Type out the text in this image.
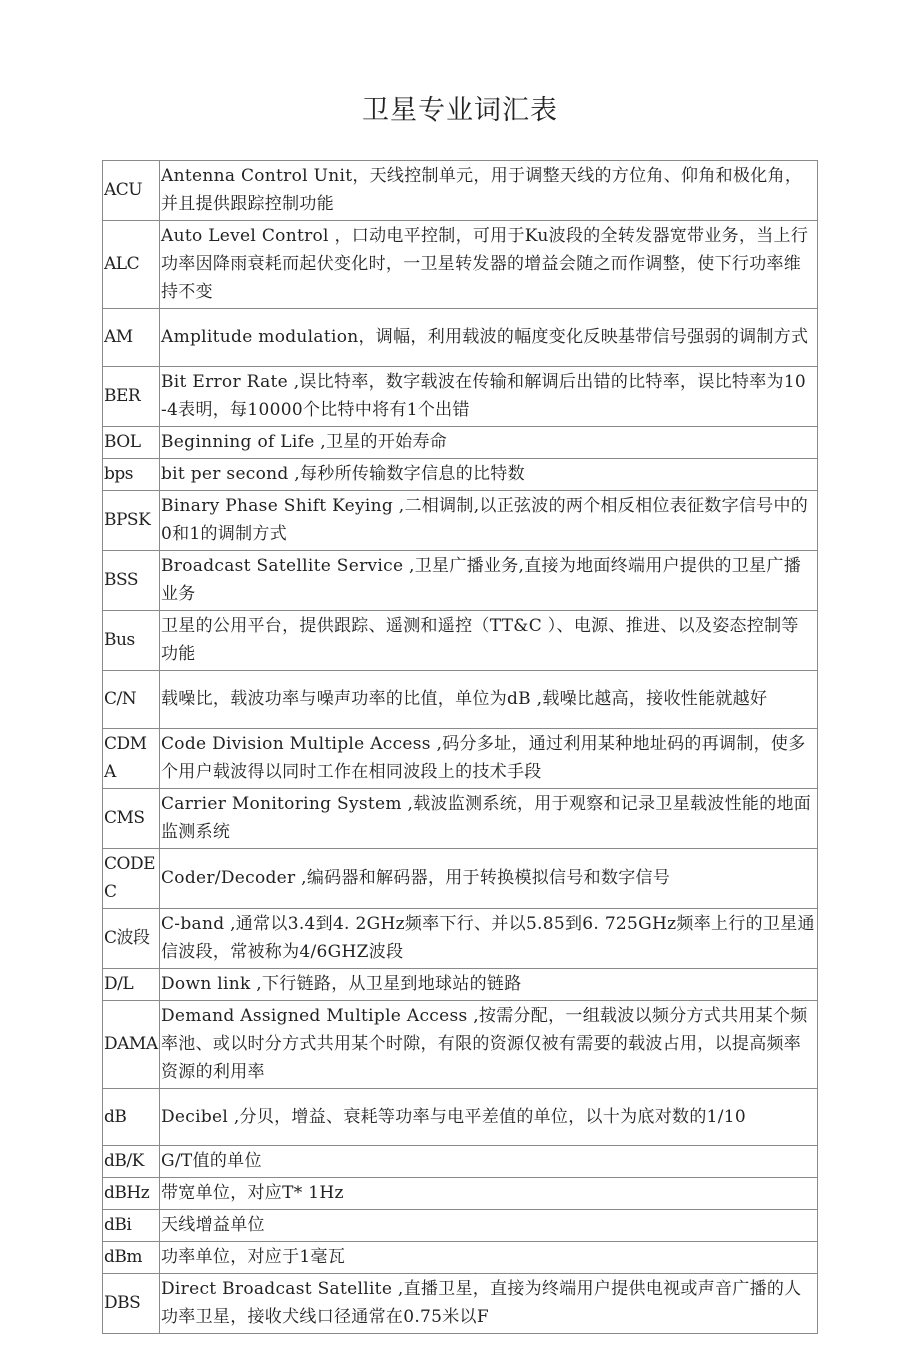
卫星专业词汇表
ACU	Antenna Control Unit，天线控制单元，用于调整天线的方位角、仰角和极化角，并且提供跟踪控制功能
ALC	Auto Level Control ，口动电平控制，可用于Ku波段的全转发器宽带业务，当上行功率因降雨衰耗而起伏变化时，一卫星转发器的增益会随之而作调整，使下行功率维持不变
AM	Amplitude modulation，调幅，利用载波的幅度变化反映基带信号强弱的调制方式
BER	Bit Error Rate ,误比特率，数字载波在传输和解调后出错的比特率，误比特率为10 -4表明，每10000个比特中将有1个出错
BOL	Beginning of Life ,卫星的开始寿命
bps	bit per second ,每秒所传输数字信息的比特数
BPSK	Binary Phase Shift Keying ,二相调制,以正弦波的两个相反相位表征数字信号中的0和1的调制方式
BSS	Broadcast Satellite Service ,卫星广播业务,直接为地面终端用户提供的卫星广播业务
Bus	卫星的公用平台，提供跟踪、遥测和遥控（TT&C ）、电源、推进、以及姿态控制等功能
C/N	载噪比，载波功率与噪声功率的比值，单位为dB ,载噪比越高，接收性能就越好
CDMA	Code Division Multiple Access ,码分多址，通过利用某种地址码的再调制，使多个用户载波得以同时工作在相同波段上的技术手段
CMS	Carrier Monitoring System ,载波监测系统，用于观察和记录卫星载波性能的地面监测系统
CODEC	Coder/Decoder ,编码器和解码器，用于转换模拟信号和数字信号
C波段	C-band ,通常以3.4到4. 2GHz频率下行、并以5.85到6. 725GHz频率上行的卫星通信波段，常被称为4/6GHZ波段
D/L	Down link ,下行链路，从卫星到地球站的链路
DAMA	Demand Assigned Multiple Access ,按需分配，一组载波以频分方式共用某个频率池、或以时分方式共用某个时隙，有限的资源仅被有需要的载波占用，以提高频率资源的利用率
dB	Decibel ,分贝，增益、衰耗等功率与电平差值的单位，以十为底对数的1/10
dB/K	G/T值的单位
dBHz	带宽单位，对应T* 1Hz
dBi	天线增益单位
dBm	功率单位，对应于1毫瓦
DBS	Direct Broadcast Satellite ,直播卫星，直接为终端用户提供电视或声音广播的人功率卫星，接收犬线口径通常在0.75米以F
